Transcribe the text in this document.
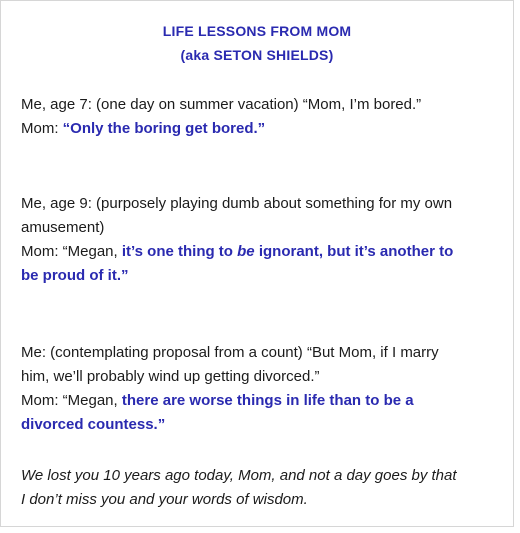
LIFE LESSONS FROM MOM
(aka SETON SHIELDS)
Me, age 7: (one day on summer vacation) “Mom, I’m bored.”
Mom: “Only the boring get bored.”
Me, age 9: (purposely playing dumb about something for my own
amusement)
Mom: “Megan, it’s one thing to be ignorant, but it’s another to
be proud of it.”
Me: (contemplating proposal from a count) “But Mom, if I marry
him, we’ll probably wind up getting divorced.”
Mom: “Megan, there are worse things in life than to be a
divorced countess.”
We lost you 10 years ago today, Mom, and not a day goes by that
I don’t miss you and your words of wisdom.
